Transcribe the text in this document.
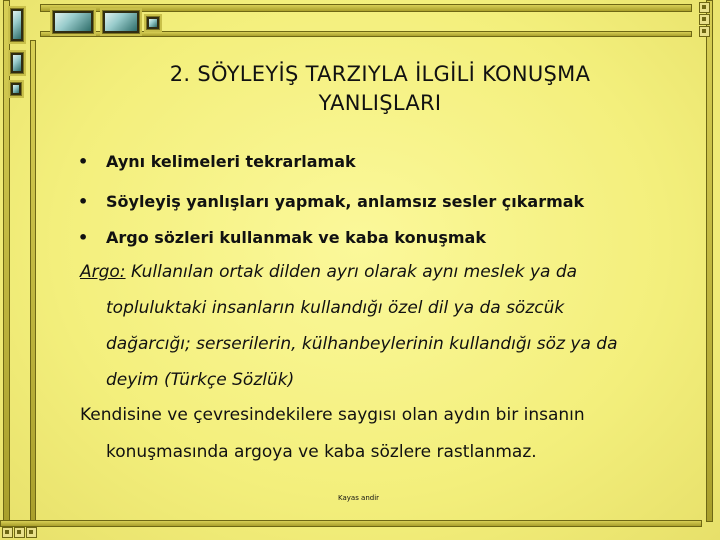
2. SÖYLEYİŞ TARZIYLA İLGİLİ KONUŞMA
YANLIŞLARI
• Aynı kelimeleri tekrarlamak
• Söyleyiş yanlışları yapmak, anlamsız sesler çıkarmak
• Argo sözleri kullanmak ve kaba konuşmak
Argo: Kullanılan ortak dilden ayrı olarak aynı meslek ya da
topluluktaki insanların kullandığı özel dil ya da sözcük
dağarcığı; serserilerin, külhanbeylerinin kullandığı söz ya da
deyim (Türkçe Sözlük)
Kendisine ve çevresindekilere saygısı olan aydın bir insanın
konuşmasında argoya ve kaba sözlere rastlanmaz.
Kayas andir
